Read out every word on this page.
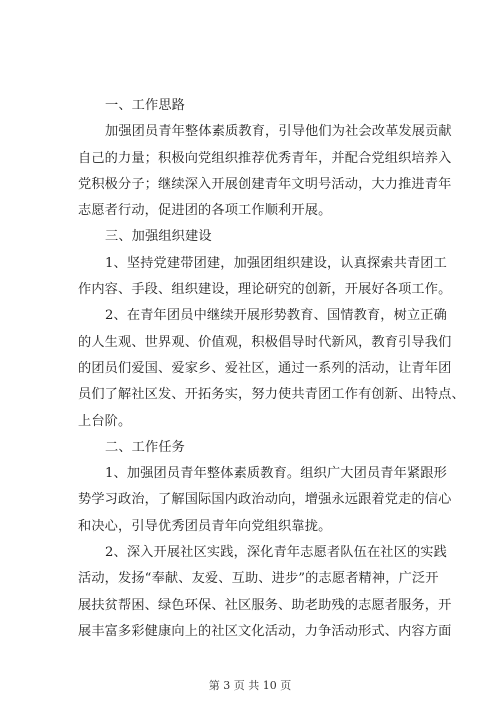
一、工作思路
加强团员青年整体素质教育，引导他们为社会改革发展贡献
自己的力量；积极向党组织推荐优秀青年，并配合党组织培养入
党积极分子；继续深入开展创建青年文明号活动，大力推进青年
志愿者行动，促进团的各项工作顺利开展。
三、加强组织建设
1、坚持党建带团建，加强团组织建设，认真探索共青团工
作内容、手段、组织建设，理论研究的创新，开展好各项工作。
2、在青年团员中继续开展形势教育、国情教育，树立正确
的人生观、世界观、价值观，积极倡导时代新风，教育引导我们
的团员们爱国、爱家乡、爱社区，通过一系列的活动，让青年团
员们了解社区发、开拓务实，努力使共青团工作有创新、出特点、
上台阶。
二、工作任务
1、加强团员青年整体素质教育。组织广大团员青年紧跟形
势学习政治，了解国际国内政治动向，增强永远跟着党走的信心
和决心，引导优秀团员青年向党组织靠拢。
2、深入开展社区实践，深化青年志愿者队伍在社区的实践
活动，发扬“奉献、友爱、互助、进步”的志愿者精神，广泛开
展扶贫帮困、绿色环保、社区服务、助老助残的志愿者服务，开
展丰富多彩健康向上的社区文化活动，力争活动形式、内容方面
第 3 页 共 10 页
